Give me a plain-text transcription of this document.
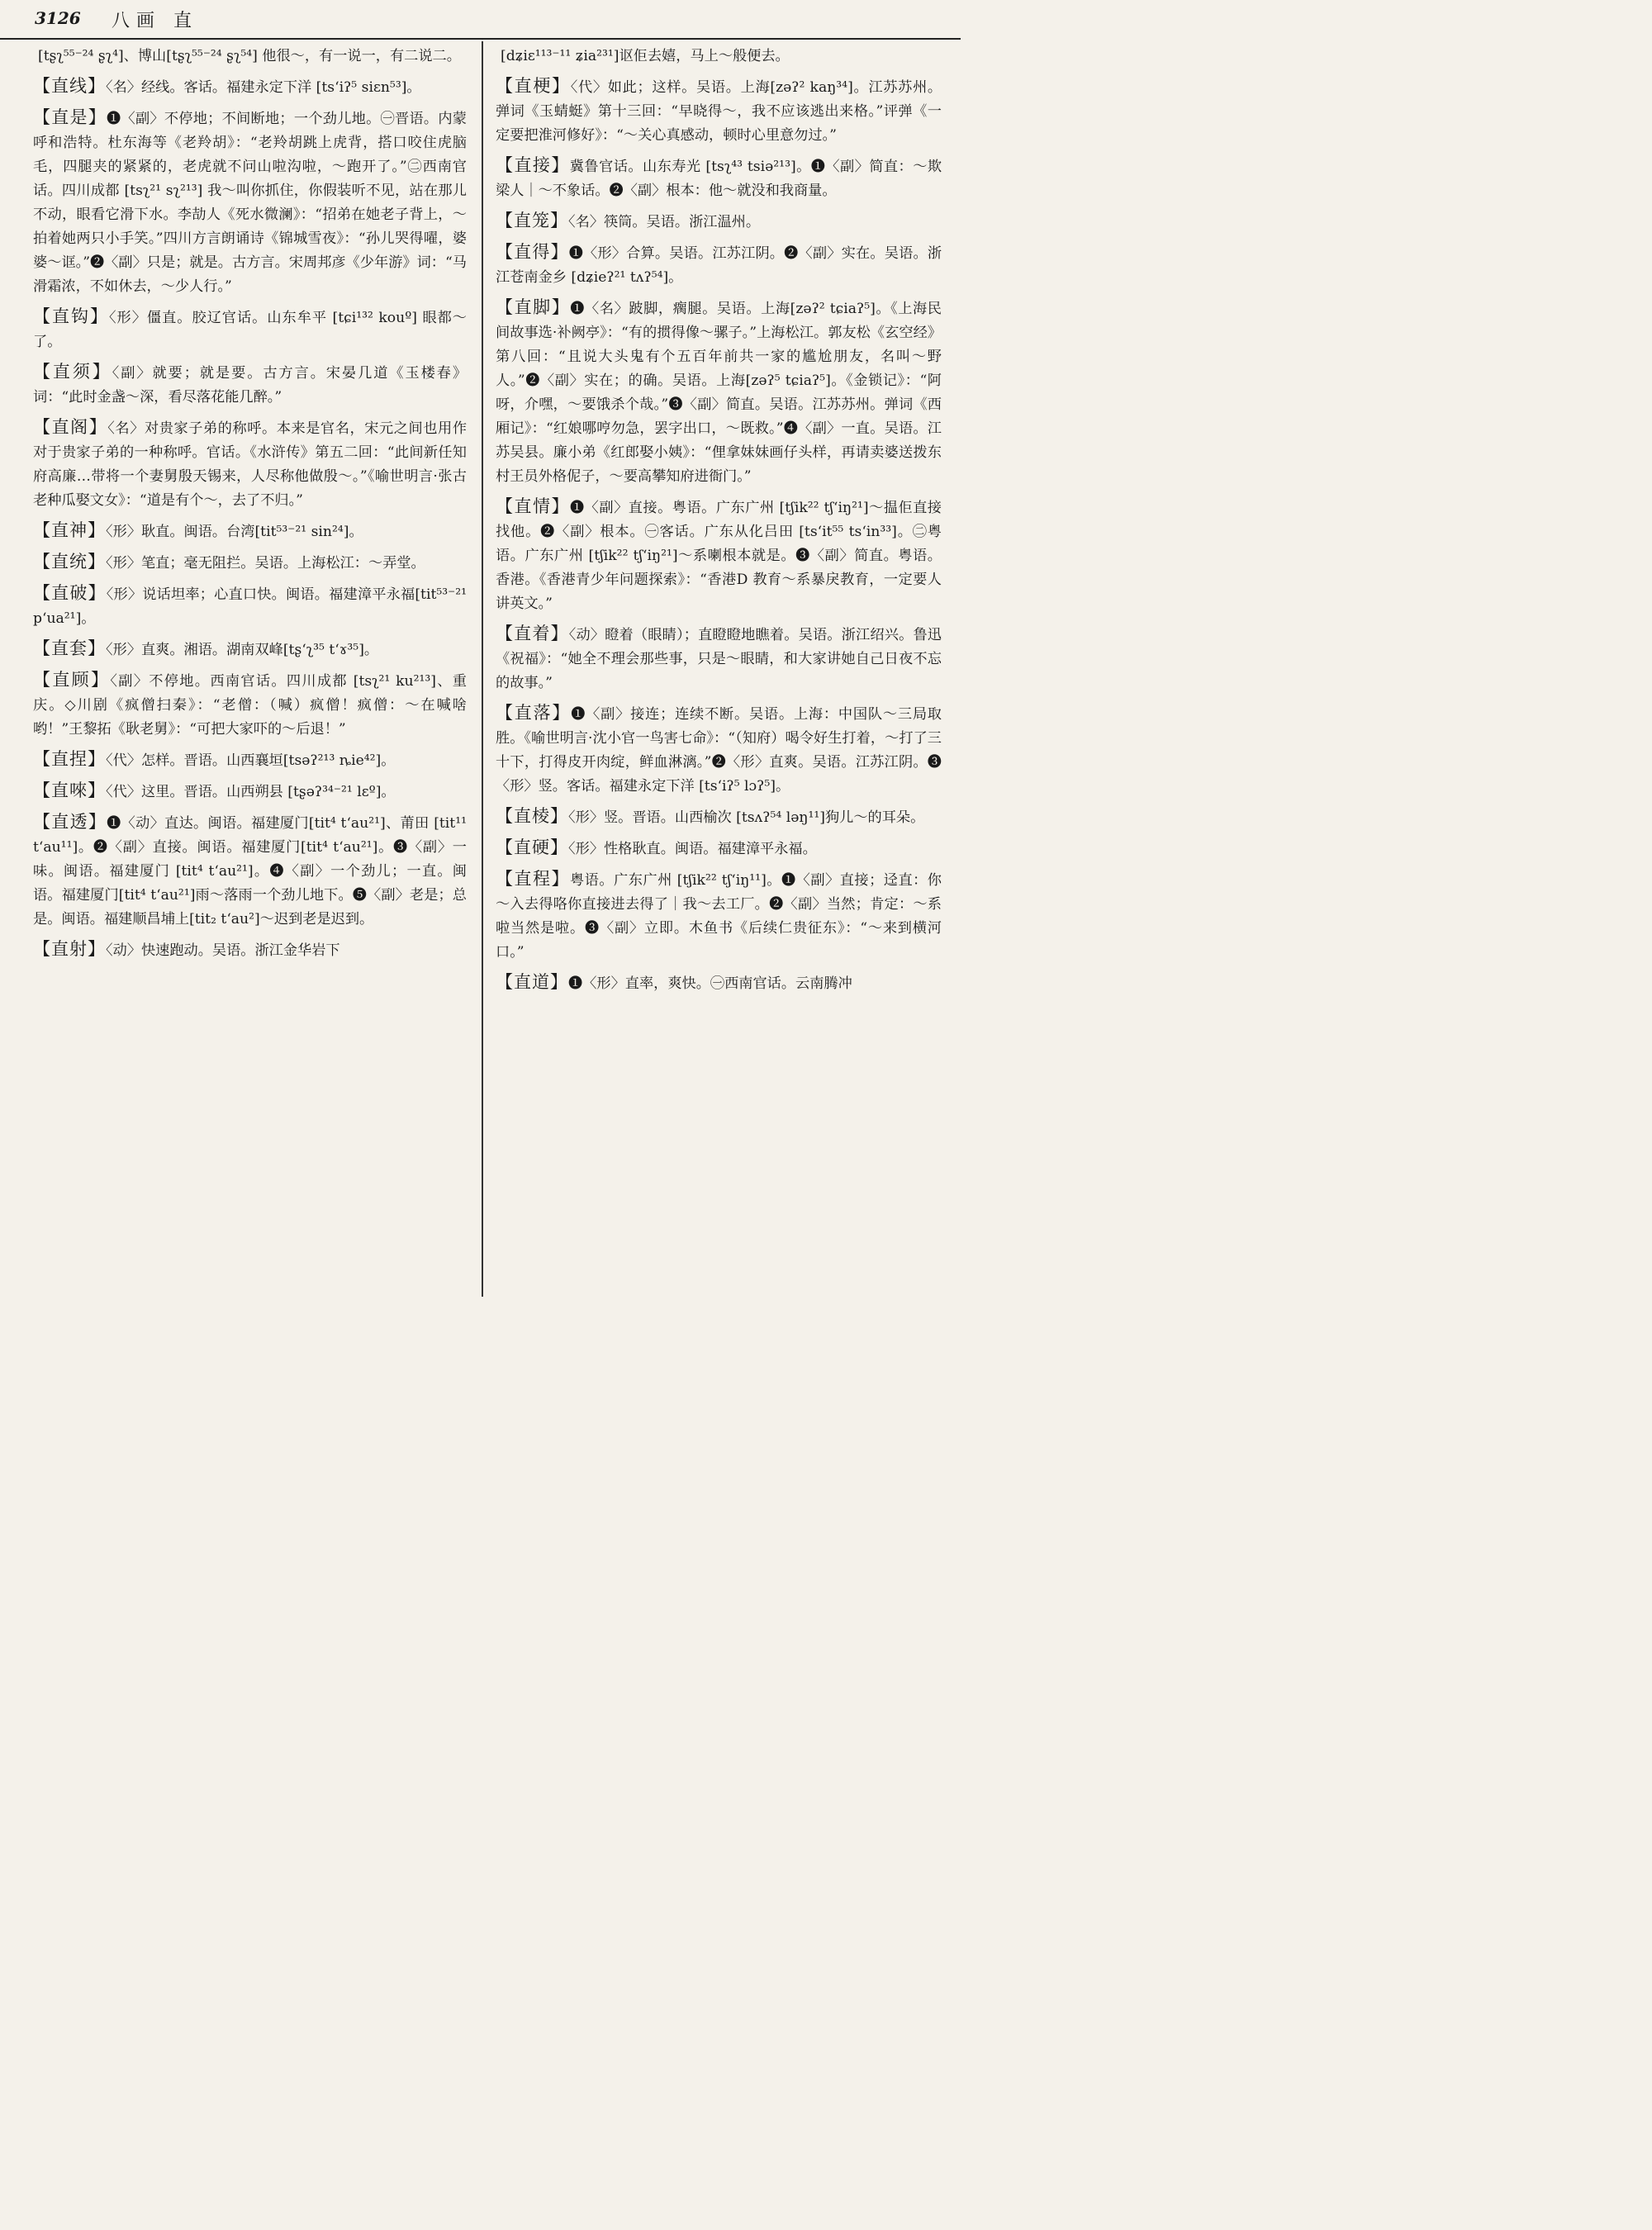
3126 八画 直

[tʂʅ⁵⁵⁻²⁴ ʂʅ⁴]、博山[tʂʅ⁵⁵⁻²⁴ ʂʅ⁵⁴] 他很～，有一说一，有二说二。

【直线】〈名〉经线。客话。福建永定下洋 [tsʻiʔ⁵ siɛn⁵³]。

【直是】❶〈副〉不停地；不间断地；一个劲儿地。㊀晋语。内蒙呼和浩特。杜东海等《老羚胡》：“老羚胡跳上虎背，搭口咬住虎脑毛，四腿夹的紧紧的，老虎就不问山啦沟啦，～跑开了。”㊁西南官话。四川成都 [tsʅ²¹ sʅ²¹³] 我～叫你抓住，你假装听不见，站在那儿不动，眼看它滑下水。李劼人《死水微澜》：“招弟在她老子背上，～拍着她两只小手笑。”四川方言朗诵诗《锦城雪夜》：“孙儿哭得嚁，婆婆～诓。”❷〈副〉只是；就是。古方言。宋周邦彦《少年游》词：“马滑霜浓，不如休去，～少人行。”

【直钩】〈形〉僵直。胶辽官话。山东牟平 [tɕi¹³² kouº] 眼都～了。

【直须】〈副〉就要；就是要。古方言。宋晏几道《玉楼春》词：“此时金盏～深，看尽落花能几醉。”

【直阁】〈名〉对贵家子弟的称呼。本来是官名，宋元之间也用作对于贵家子弟的一种称呼。官话。《水浒传》第五二回：“此间新任知府高廉…带将一个妻舅殷天锡来，人尽称他做殷～。”《喻世明言·张古老种瓜娶文女》：“道是有个～，去了不归。”

【直神】〈形〉耿直。闽语。台湾[tit⁵³⁻²¹ sin²⁴]。

【直统】〈形〉笔直；毫无阻拦。吴语。上海松江：～弄堂。

【直破】〈形〉说话坦率；心直口快。闽语。福建漳平永福[tit⁵³⁻²¹ pʻua²¹]。

【直套】〈形〉直爽。湘语。湖南双峰[tʂʻʅ³⁵ tʻɤ³⁵]。

【直顾】〈副〉不停地。西南官话。四川成都 [tsʅ²¹ ku²¹³]、重庆。◇川剧《疯僧扫秦》：“老僧：（喊）疯僧！疯僧：～在喊啥哟！”王黎拓《耿老舅》：“可把大家吓的～后退！”

【直捏】〈代〉怎样。晋语。山西襄垣[tsəʔ²¹³ ȵie⁴²]。

【直唻】〈代〉这里。晋语。山西朔县 [tʂəʔ³⁴⁻²¹ lɛº]。

【直透】❶〈动〉直达。闽语。福建厦门[tit⁴ tʻau²¹]、莆田 [tit¹¹ tʻau¹¹]。❷〈副〉直接。闽语。福建厦门[tit⁴ tʻau²¹]。❸〈副〉一味。闽语。福建厦门 [tit⁴ tʻau²¹]。❹〈副〉一个劲儿；一直。闽语。福建厦门[tit⁴ tʻau²¹]雨～落雨一个劲儿地下。❺〈副〉老是；总是。闽语。福建顺昌埔上[tit₂ tʻau²]～迟到老是迟到。

【直射】〈动〉快速跑动。吴语。浙江金华岩下

[dʑiɛ¹¹³⁻¹¹ ʑia²³¹]讴佢去嬉，马上～般便去。

【直梗】〈代〉如此；这样。吴语。上海[zəʔ² kaŋ³⁴]。江苏苏州。弹词《玉蜻蜓》第十三回：“早晓得～，我不应该逃出来格。”评弹《一定要把淮河修好》：“～关心真感动，顿时心里意勿过。”

【直接】冀鲁官话。山东寿光 [tsʅ⁴³ tsiə²¹³]。❶〈副〉简直：～欺梁人｜～不象话。❷〈副〉根本：他～就没和我商量。

【直笼】〈名〉筷筒。吴语。浙江温州。

【直得】❶〈形〉合算。吴语。江苏江阴。❷〈副〉实在。吴语。浙江苍南金乡 [dʑieʔ²¹ tʌʔ⁵⁴]。

【直脚】❶〈名〉跛脚，瘸腿。吴语。上海[zəʔ² tɕiaʔ⁵]。《上海民间故事选·补阙亭》：“有的掼得像～骡子。”上海松江。郭友松《玄空经》第八回：“且说大头鬼有个五百年前共一家的尴尬朋友，名叫～野人。”❷〈副〉实在；的确。吴语。上海[zəʔ⁵ tɕiaʔ⁵]。《金锁记》：“阿呀，介嘿，～要饿杀个哉。”❸〈副〉简直。吴语。江苏苏州。弹词《西厢记》：“红娘哪哼勿急，罢字出口，～既救。”❹〈副〉一直。吴语。江苏吴县。廉小弟《红郎娶小姨》：“俚拿妹妹画仔头样，再请卖婆送拨东村王员外格伲子，～要高攀知府进衙门。”

【直情】❶〈副〉直接。粤语。广东广州 [tʃik²² tʃʻiŋ²¹]～揾佢直接找他。❷〈副〉根本。㊀客话。广东从化吕田 [tsʻit⁵⁵ tsʻin³³]。㊁粤语。广东广州 [tʃik²² tʃʻiŋ²¹]～系喇根本就是。❸〈副〉简直。粤语。香港。《香港青少年问题探索》：“香港D 教育～系暴戾教育，一定要人讲英文。”

【直着】〈动〉瞪着（眼睛）；直瞪瞪地瞧着。吴语。浙江绍兴。鲁迅《祝福》：“她全不理会那些事，只是～眼睛，和大家讲她自己日夜不忘的故事。”

【直落】❶〈副〉接连；连续不断。吴语。上海：中国队～三局取胜。《喻世明言·沈小官一鸟害七命》：“（知府）喝令好生打着，～打了三十下，打得皮开肉绽，鲜血淋漓。”❷〈形〉直爽。吴语。江苏江阴。❸〈形〉竖。客话。福建永定下洋 [tsʻiʔ⁵ lɔʔ⁵]。

【直棱】〈形〉竖。晋语。山西榆次 [tsʌʔ⁵⁴ ləŋ¹¹]狗儿～的耳朵。

【直硬】〈形〉性格耿直。闽语。福建漳平永福。

【直程】粤语。广东广州 [tʃik²² tʃʻiŋ¹¹]。❶〈副〉直接；迳直：你～入去得咯你直接进去得了｜我～去工厂。❷〈副〉当然；肯定：～系啦当然是啦。❸〈副〉立即。木鱼书《后续仁贵征东》：“～来到横河口。”

【直道】❶〈形〉直率，爽快。㊀西南官话。云南腾冲
